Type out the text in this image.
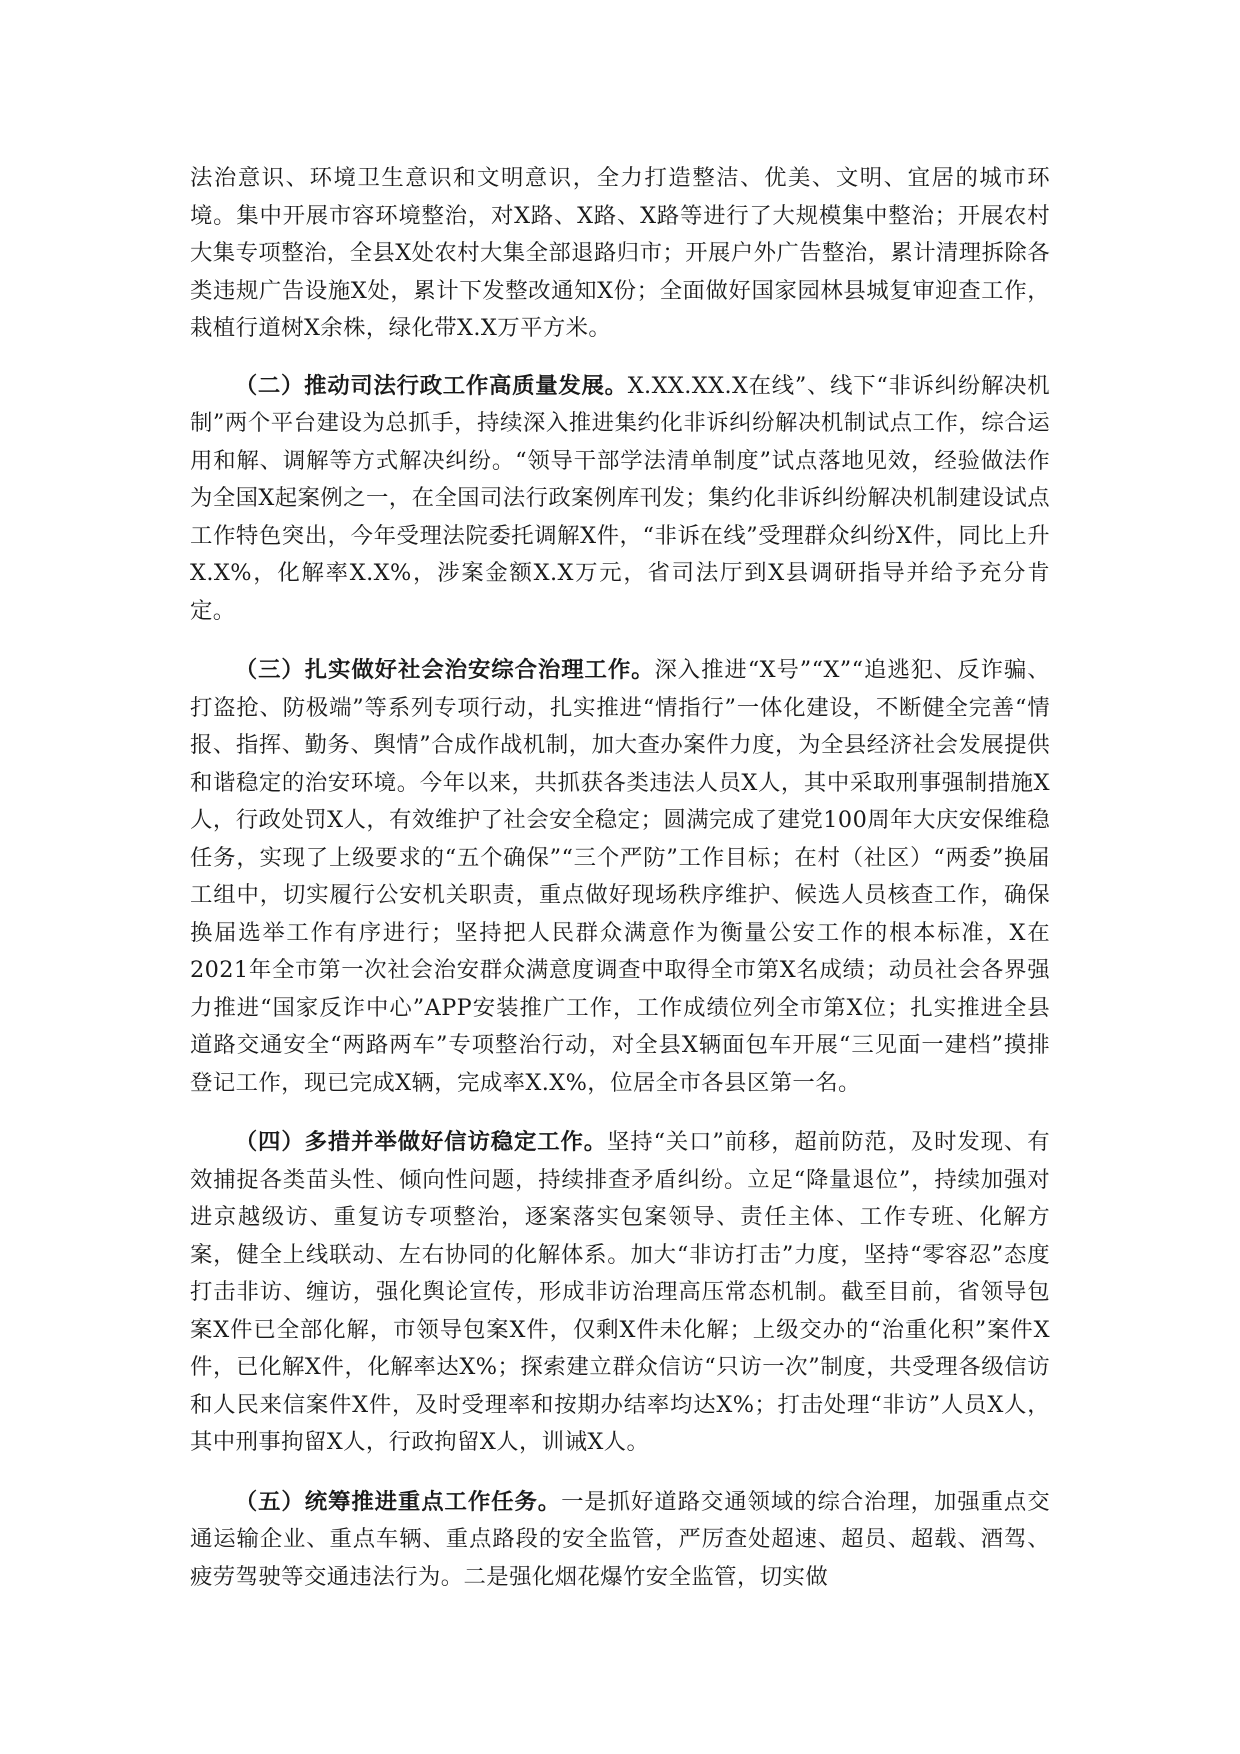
法治意识、环境卫生意识和文明意识，全力打造整洁、优美、文明、宜居的城市环境。集中开展市容环境整治，对X路、X路、X路等进行了大规模集中整治；开展农村大集专项整治，全县X处农村大集全部退路归市；开展户外广告整治，累计清理拆除各类违规广告设施X处，累计下发整改通知X份；全面做好国家园林县城复审迎查工作，栽植行道树X余株，绿化带X.X万平方米。

（二）推动司法行政工作高质量发展。X.XX.XX.X在线”、线下“非诉纠纷解决机制”两个平台建设为总抓手，持续深入推进集约化非诉纠纷解决机制试点工作，综合运用和解、调解等方式解决纠纷。“领导干部学法清单制度”试点落地见效，经验做法作为全国X起案例之一，在全国司法行政案例库刊发；集约化非诉纠纷解决机制建设试点工作特色突出，今年受理法院委托调解X件，“非诉在线”受理群众纠纷X件，同比上升X.X%，化解率X.X%，涉案金额X.X万元，省司法厅到X县调研指导并给予充分肯定。

（三）扎实做好社会治安综合治理工作。深入推进“X号”“X”“追逃犯、反诈骗、打盗抢、防极端”等系列专项行动，扎实推进“情指行”一体化建设，不断健全完善“情报、指挥、勤务、舆情”合成作战机制，加大查办案件力度，为全县经济社会发展提供和谐稳定的治安环境。今年以来，共抓获各类违法人员X人，其中采取刑事强制措施X人，行政处罚X人，有效维护了社会安全稳定；圆满完成了建党100周年大庆安保维稳任务，实现了上级要求的“五个确保”“三个严防”工作目标；在村（社区）“两委”换届工组中，切实履行公安机关职责，重点做好现场秩序维护、候选人员核查工作，确保换届选举工作有序进行；坚持把人民群众满意作为衡量公安工作的根本标准，X在2021年全市第一次社会治安群众满意度调查中取得全市第X名成绩；动员社会各界强力推进“国家反诈中心”APP安装推广工作，工作成绩位列全市第X位；扎实推进全县道路交通安全“两路两车”专项整治行动，对全县X辆面包车开展“三见面一建档”摸排登记工作，现已完成X辆，完成率X.X%，位居全市各县区第一名。

（四）多措并举做好信访稳定工作。坚持“关口”前移，超前防范，及时发现、有效捕捉各类苗头性、倾向性问题，持续排查矛盾纠纷。立足“降量退位”，持续加强对进京越级访、重复访专项整治，逐案落实包案领导、责任主体、工作专班、化解方案，健全上线联动、左右协同的化解体系。加大“非访打击”力度，坚持“零容忍”态度打击非访、缠访，强化舆论宣传，形成非访治理高压常态机制。截至目前，省领导包案X件已全部化解，市领导包案X件，仅剩X件未化解；上级交办的“治重化积”案件X件，已化解X件，化解率达X%；探索建立群众信访“只访一次”制度，共受理各级信访和人民来信案件X件，及时受理率和按期办结率均达X%；打击处理“非访”人员X人，其中刑事拘留X人，行政拘留X人，训诫X人。

（五）统筹推进重点工作任务。一是抓好道路交通领域的综合治理，加强重点交通运输企业、重点车辆、重点路段的安全监管，严厉查处超速、超员、超载、酒驾、疲劳驾驶等交通违法行为。二是强化烟花爆竹安全监管，切实做
